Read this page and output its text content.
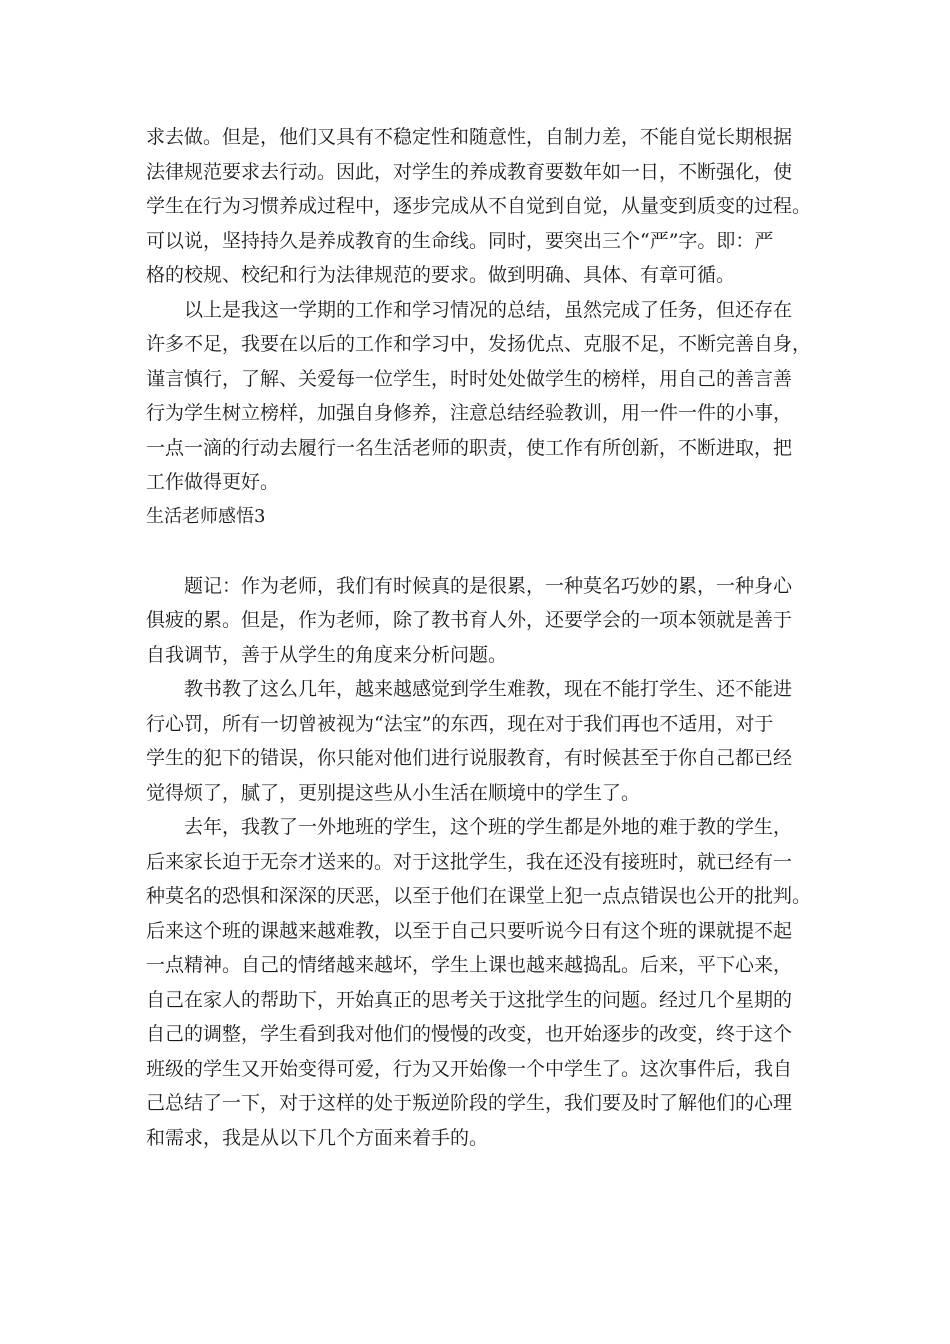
求去做。但是，他们又具有不稳定性和随意性，自制力差，不能自觉长期根据
法律规范要求去行动。因此，对学生的养成教育要数年如一日，不断强化，使
学生在行为习惯养成过程中，逐步完成从不自觉到自觉，从量变到质变的过程。
可以说，坚持持久是养成教育的生命线。同时，要突出三个“严”字。即：严
格的校规、校纪和行为法律规范的要求。做到明确、具体、有章可循。
　　以上是我这一学期的工作和学习情况的总结，虽然完成了任务，但还存在
许多不足，我要在以后的工作和学习中，发扬优点、克服不足，不断完善自身，
谨言慎行，了解、关爱每一位学生，时时处处做学生的榜样，用自己的善言善
行为学生树立榜样，加强自身修养，注意总结经验教训，用一件一件的小事，
一点一滴的行动去履行一名生活老师的职责，使工作有所创新，不断进取，把
工作做得更好。
生活老师感悟3
　　题记：作为老师，我们有时候真的是很累，一种莫名巧妙的累，一种身心
俱疲的累。但是，作为老师，除了教书育人外，还要学会的一项本领就是善于
自我调节，善于从学生的角度来分析问题。
　　教书教了这么几年，越来越感觉到学生难教，现在不能打学生、还不能进
行心罚，所有一切曾被视为“法宝”的东西，现在对于我们再也不适用，对于
学生的犯下的错误，你只能对他们进行说服教育，有时候甚至于你自己都已经
觉得烦了，腻了，更别提这些从小生活在顺境中的学生了。
　　去年，我教了一外地班的学生，这个班的学生都是外地的难于教的学生，
后来家长迫于无奈才送来的。对于这批学生，我在还没有接班时，就已经有一
种莫名的恐惧和深深的厌恶，以至于他们在课堂上犯一点点错误也公开的批判。
后来这个班的课越来越难教，以至于自己只要听说今日有这个班的课就提不起
一点精神。自己的情绪越来越坏，学生上课也越来越捣乱。后来，平下心来，
自己在家人的帮助下，开始真正的思考关于这批学生的问题。经过几个星期的
自己的调整，学生看到我对他们的慢慢的改变，也开始逐步的改变，终于这个
班级的学生又开始变得可爱，行为又开始像一个中学生了。这次事件后，我自
己总结了一下，对于这样的处于叛逆阶段的学生，我们要及时了解他们的心理
和需求，我是从以下几个方面来着手的。
